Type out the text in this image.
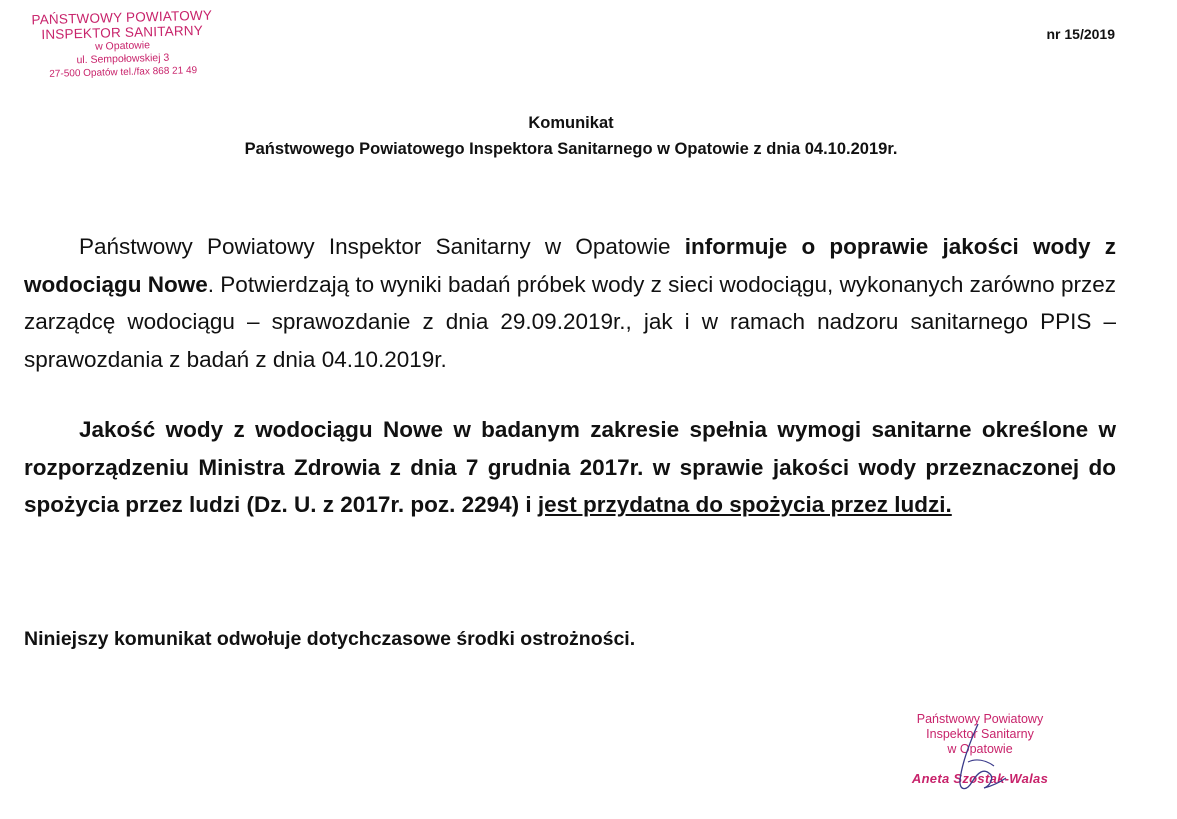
PAŃSTWOWY POWIATOWY
INSPEKTOR SANITARNY
w Opatowie
ul. Sempołowskiej 3
27-500 Opatów tel./fax 868 21 49
nr 15/2019
Komunikat
Państwowego Powiatowego Inspektora Sanitarnego w Opatowie z dnia 04.10.2019r.
Państwowy Powiatowy Inspektor Sanitarny w Opatowie informuje o poprawie jakości wody z wodociągu Nowe. Potwierdzają to wyniki badań próbek wody z sieci wodociągu, wykonanych zarówno przez zarządcę wodociągu – sprawozdanie z dnia 29.09.2019r., jak i w ramach nadzoru sanitarnego PPIS – sprawozdania z badań z dnia 04.10.2019r.
Jakość wody z wodociągu Nowe w badanym zakresie spełnia wymogi sanitarne określone w rozporządzeniu Ministra Zdrowia z dnia 7 grudnia 2017r. w sprawie jakości wody przeznaczonej do spożycia przez ludzi (Dz. U. z 2017r. poz. 2294) i jest przydatna do spożycia przez ludzi.
Niniejszy komunikat odwołuje dotychczasowe środki ostrożności.
Państwowy Powiatowy
Inspektor Sanitarny
w Opatowie
Aneta Szostak-Walas
